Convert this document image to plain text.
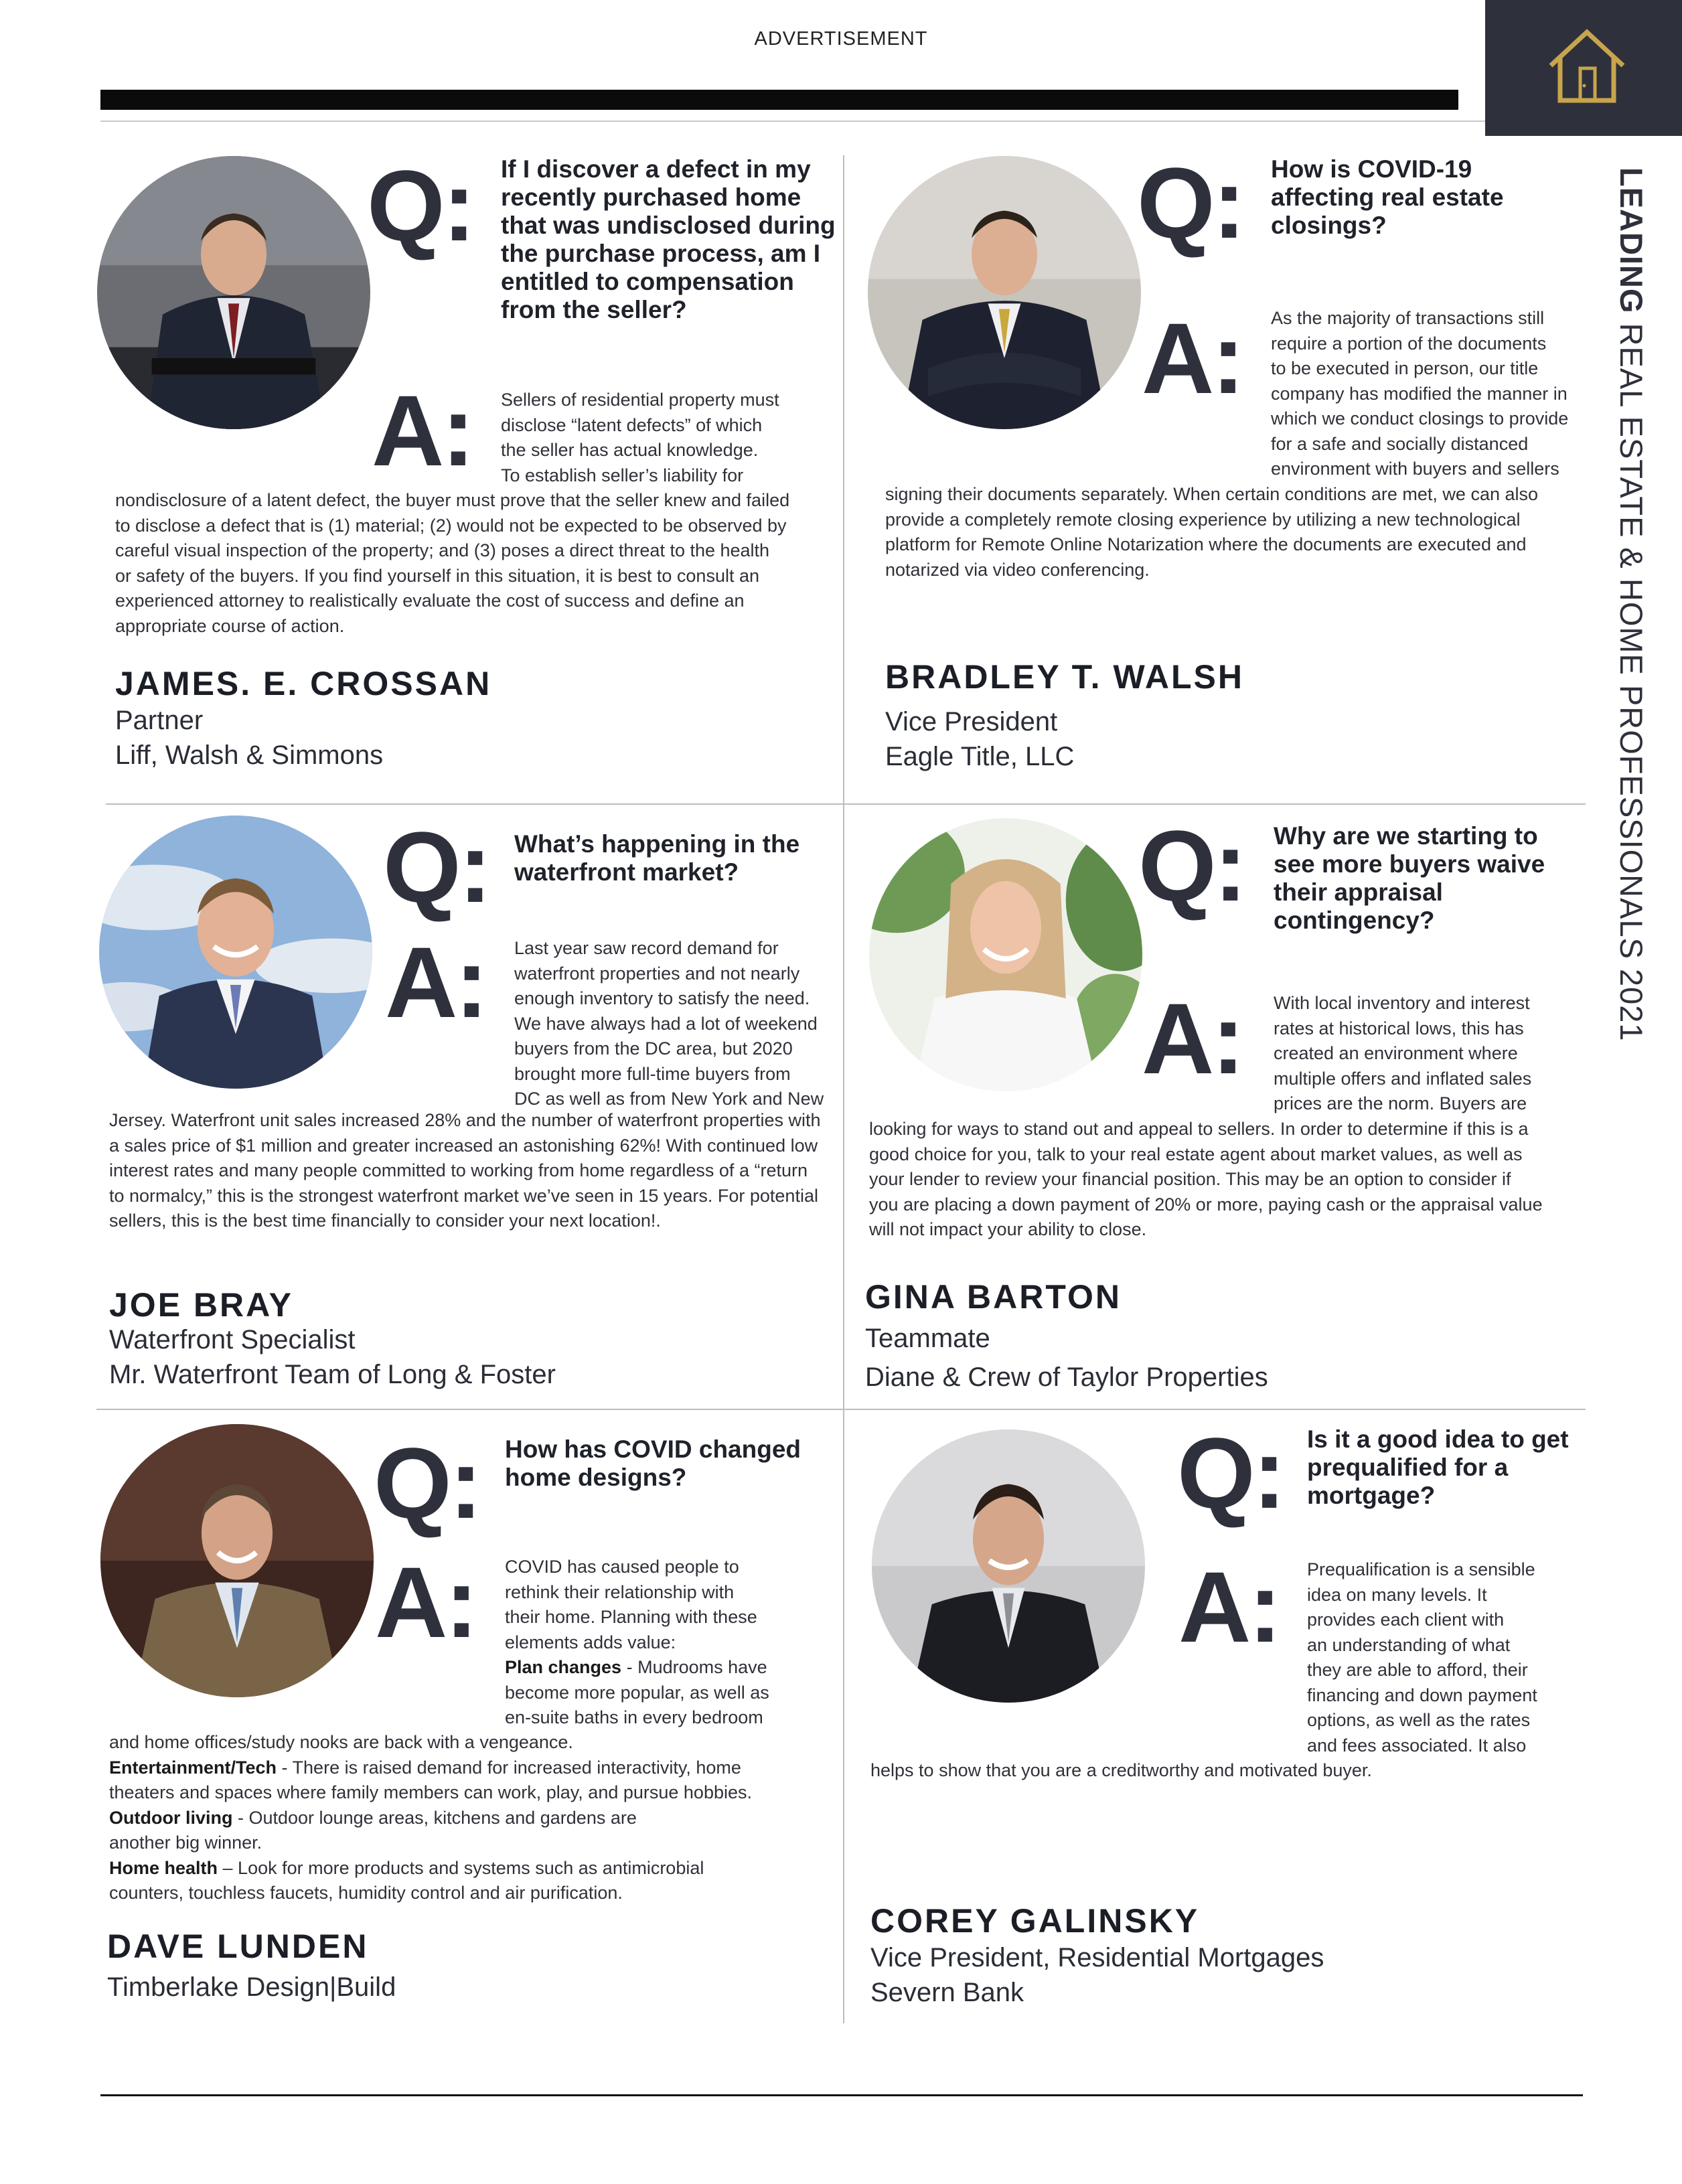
ADVERTISEMENT
LEADINGREAL ESTATE & HOME PROFESSIONALS 2021
Q: If I discover a defect in my recently purchased home that was undisclosed during the purchase process, am I entitled to compensation from the seller?
A: Sellers of residential property must
disclose “latent defects” of which
the seller has actual knowledge.
To establish seller’s liability for
nondisclosure of a latent defect, the buyer must prove that the seller knew and failed
to disclose a defect that is (1) material; (2) would not be expected to be observed by
careful visual inspection of the property; and (3) poses a direct threat to the health
or safety of the buyers. If you find yourself in this situation, it is best to consult an
experienced attorney to realistically evaluate the cost of success and define an
appropriate course of action.
JAMES. E. CROSSAN
Partner
Liff, Walsh & Simmons
Q: How is COVID-19 affecting real estate closings?
A: As the majority of transactions still
require a portion of the documents
to be executed in person, our title
company has modified the manner in
which we conduct closings to provide
for a safe and socially distanced
environment with buyers and sellers
signing their documents separately. When certain conditions are met, we can also
provide a completely remote closing experience by utilizing a new technological
platform for Remote Online Notarization where the documents are executed and
notarized via video conferencing.
BRADLEY T. WALSH
Vice President
Eagle Title, LLC
Q: What’s happening in the waterfront market?
A: Last year saw record demand for
waterfront properties and not nearly
enough inventory to satisfy the need.
We have always had a lot of weekend
buyers from the DC area, but 2020
brought more full-time buyers from
DC as well as from New York and New
Jersey. Waterfront unit sales increased 28% and the number of waterfront properties with
a sales price of $1 million and greater increased an astonishing 62%! With continued low
interest rates and many people committed to working from home regardless of a “return
to normalcy,” this is the strongest waterfront market we’ve seen in 15 years. For potential
sellers, this is the best time financially to consider your next location!.
JOE BRAY
Waterfront Specialist
Mr. Waterfront Team of Long & Foster
Q: Why are we starting to see more buyers waive their appraisal contingency?
A: With local inventory and interest
rates at historical lows, this has
created an environment where
multiple offers and inflated sales
prices are the norm. Buyers are
looking for ways to stand out and appeal to sellers. In order to determine if this is a
good choice for you, talk to your real estate agent about market values, as well as
your lender to review your financial position. This may be an option to consider if
you are placing a down payment of 20% or more, paying cash or the appraisal value
will not impact your ability to close.
GINA BARTON
Teammate
Diane & Crew of Taylor Properties
Q: How has COVID changed home designs?
A: COVID has caused people to
rethink their relationship with
their home. Planning with these
elements adds value:
Plan changes - Mudrooms have
become more popular, as well as
en-suite baths in every bedroom
and home offices/study nooks are back with a vengeance.
Entertainment/Tech - There is raised demand for increased interactivity, home
theaters and spaces where family members can work, play, and pursue hobbies.
Outdoor living - Outdoor lounge areas, kitchens and gardens are
another big winner.
Home health – Look for more products and systems such as antimicrobial
counters, touchless faucets, humidity control and air purification.
DAVE LUNDEN
Timberlake Design|Build
Q: Is it a good idea to get prequalified for a mortgage?
A: Prequalification is a sensible
idea on many levels. It
provides each client with
an understanding of what
they are able to afford, their
financing and down payment
options, as well as the rates
and fees associated. It also
helps to show that you are a creditworthy and motivated buyer.
COREY GALINSKY
Vice President, Residential Mortgages
Severn Bank
